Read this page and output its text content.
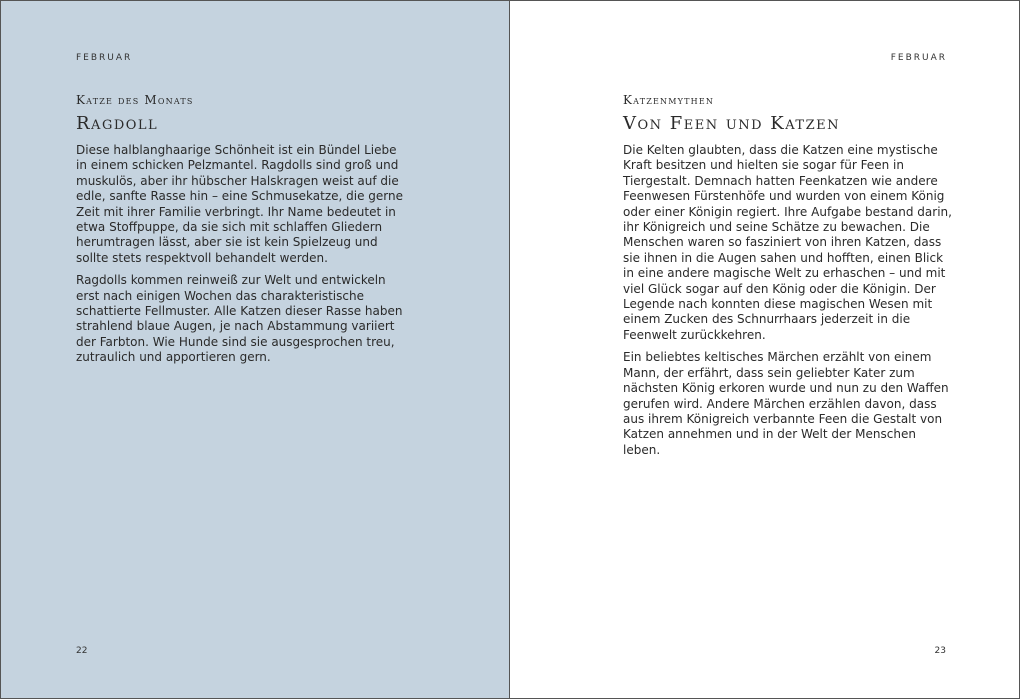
FEBRUAR
Katze des Monats
Ragdoll

Diese halblanghaarige Schönheit ist ein Bündel Liebe in einem schicken Pelzmantel. Ragdolls sind groß und muskulös, aber ihr hübscher Halskragen weist auf die edle, sanfte Rasse hin – eine Schmusekatze, die gerne Zeit mit ihrer Familie verbringt. Ihr Name bedeutet in etwa Stoffpuppe, da sie sich mit schlaffen Gliedern herumtragen lässt, aber sie ist kein Spielzeug und sollte stets respektvoll behandelt werden.

Ragdolls kommen reinweiß zur Welt und entwickeln erst nach einigen Wochen das charakteristische schattierte Fellmuster. Alle Katzen dieser Rasse haben strahlend blaue Augen, je nach Abstammung variiert der Farbton. Wie Hunde sind sie ausgesprochen treu, zutraulich und apportieren gern.

22
FEBRUAR
Katzenmythen
Von Feen und Katzen

Die Kelten glaubten, dass die Katzen eine mystische Kraft besitzen und hielten sie sogar für Feen in Tiergestalt. Demnach hatten Feenkatzen wie andere Feenwesen Fürstenhöfe und wurden von einem König oder einer Königin regiert. Ihre Aufgabe bestand darin, ihr Königreich und seine Schätze zu bewachen. Die Menschen waren so fasziniert von ihren Katzen, dass sie ihnen in die Augen sahen und hofften, einen Blick in eine andere magische Welt zu erhaschen – und mit viel Glück sogar auf den König oder die Königin. Der Legende nach konnten diese magischen Wesen mit einem Zucken des Schnurrhaars jederzeit in die Feenwelt zurückkehren.

Ein beliebtes keltisches Märchen erzählt von einem Mann, der erfährt, dass sein geliebter Kater zum nächsten König erkoren wurde und nun zu den Waffen gerufen wird. Andere Märchen erzählen davon, dass aus ihrem Königreich verbannte Feen die Gestalt von Katzen annehmen und in der Welt der Menschen leben.

23
